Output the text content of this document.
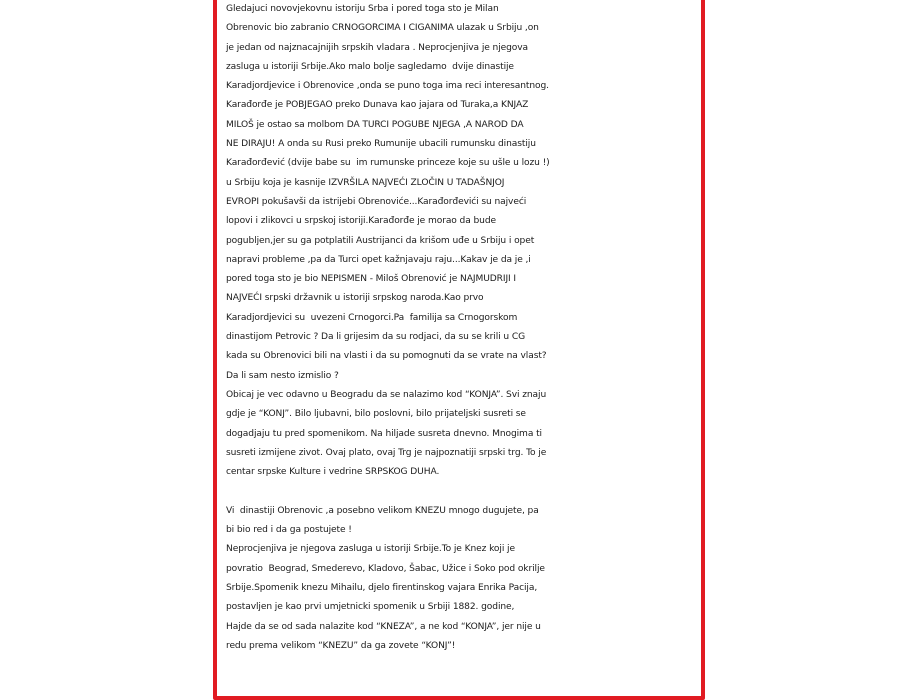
Gledajuci novovjekovnu istoriju Srba i pored toga sto je Milan
Obrenovic bio zabranio CRNOGORCIMA I CIGANIMA ulazak u Srbiju ,on
je jedan od najznacajnijih srpskih vladara . Neprocjenjiva je njegova
zasluga u istoriji Srbije.Ako malo bolje sagledamo  dvije dinastije
Karadjordjevice i Obrenovice ,onda se puno toga ima reci interesantnog.
Karađorđe je POBJEGAO preko Dunava kao jajara od Turaka,a KNJAZ
MILOŠ je ostao sa molbom DA TURCI POGUBE NJEGA ,A NAROD DA
NE DIRAJU! A onda su Rusi preko Rumunije ubacili rumunsku dinastiju
Karađorđević (dvije babe su  im rumunske princeze koje su ušle u lozu !)
u Srbiju koja je kasnije IZVRŠILA NAJVEĆI ZLOČIN U TADAŠNJOJ
EVROPI pokušavši da istrijebi Obrenoviće...Karađorđevići su najveći
lopovi i zlikovci u srpskoj istoriji.Karađorđe je morao da bude
pogubljen,jer su ga potplatili Austrijanci da krišom uđe u Srbiju i opet
napravi probleme ,pa da Turci opet kažnjavaju raju...Kakav je da je ,i
pored toga sto je bio NEPISMEN - Miloš Obrenović je NAJMUDRIJI I
NAJVEĆI srpski državnik u istoriji srpskog naroda.Kao prvo
Karadjordjevici su  uvezeni Crnogorci.Pa  familija sa Crnogorskom
dinastijom Petrovic ? Da li grijesim da su rodjaci, da su se krili u CG
kada su Obrenovici bili na vlasti i da su pomognuti da se vrate na vlast?
Da li sam nesto izmislio ?
Obicaj je vec odavno u Beogradu da se nalazimo kod “KONJA”. Svi znaju
gdje je “KONJ”. Bilo ljubavni, bilo poslovni, bilo prijateljski susreti se
dogadjaju tu pred spomenikom. Na hiljade susreta dnevno. Mnogima ti
susreti izmijene zivot. Ovaj plato, ovaj Trg je najpoznatiji srpski trg. To je
centar srpske Kulture i vedrine SRPSKOG DUHA.
Vi  dinastiji Obrenovic ,a posebno velikom KNEZU mnogo dugujete, pa
bi bio red i da ga postujete !
Neprocjenjiva je njegova zasluga u istoriji Srbije.To je Knez koji je
povratio  Beograd, Smederevo, Kladovo, Šabac, Užice i Soko pod okrilje
Srbije.Spomenik knezu Mihailu, djelo firentinskog vajara Enrika Pacija,
postavljen je kao prvi umjetnicki spomenik u Srbiji 1882. godine,
Hajde da se od sada nalazite kod “KNEZA”, a ne kod “KONJA”, jer nije u
redu prema velikom “KNEZU” da ga zovete “KONJ”!
